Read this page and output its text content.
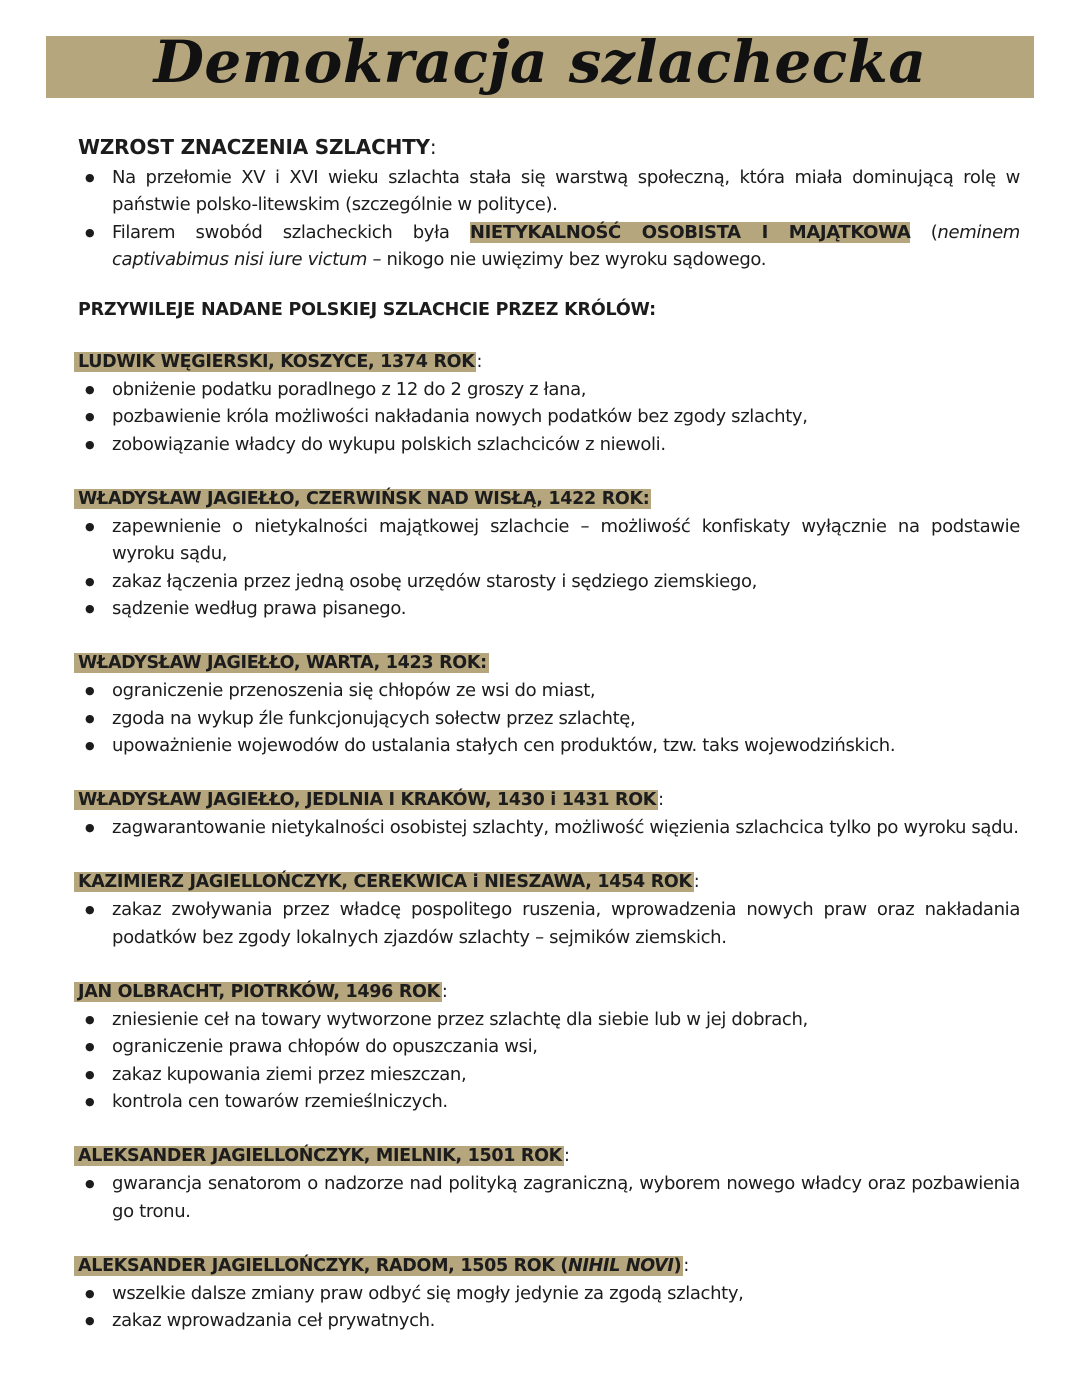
Demokracja szlachecka
WZROST ZNACZENIA SZLACHTY:
● Na przełomie XV i XVI wieku szlachta stała się warstwą społeczną, która miała dominującą rolę w państwie polsko-litewskim (szczególnie w polityce).
● Filarem swobód szlacheckich była NIETYKALNOŚĆ OSOBISTA I MAJĄTKOWA (neminem captivabimus nisi iure victum – nikogo nie uwięzimy bez wyroku sądowego.
PRZYWILEJE NADANE POLSKIEJ SZLACHCIE PRZEZ KRÓLÓW:
LUDWIK WĘGIERSKI, KOSZYCE, 1374 ROK :
● obniżenie podatku poradlnego z 12 do 2 groszy z łana,
● pozbawienie króla możliwości nakładania nowych podatków bez zgody szlachty,
● zobowiązanie władcy do wykupu polskich szlachciców z niewoli.
WŁADYSŁAW JAGIEŁŁO, CZERWIŃSK NAD WISŁĄ, 1422 ROK:
● zapewnienie o nietykalności majątkowej szlachcie – możliwość konfiskaty wyłącznie na podstawie wyroku sądu,
● zakaz łączenia przez jedną osobę urzędów starosty i sędziego ziemskiego,
● sądzenie według prawa pisanego.
WŁADYSŁAW JAGIEŁŁO, WARTA, 1423 ROK:
● ograniczenie przenoszenia się chłopów ze wsi do miast,
● zgoda na wykup źle funkcjonujących sołectw przez szlachtę,
● upoważnienie wojewodów do ustalania stałych cen produktów, tzw. taks wojewodzińskich.
WŁADYSŁAW JAGIEŁŁO, JEDLNIA I KRAKÓW, 1430 i 1431 ROK :
● zagwarantowanie nietykalności osobistej szlachty, możliwość więzienia szlachcica tylko po wyroku sądu.
KAZIMIERZ JAGIELLOŃCZYK, CEREKWICA i NIESZAWA, 1454 ROK :
● zakaz zwoływania przez władcę pospolitego ruszenia, wprowadzenia nowych praw oraz nakładania podatków bez zgody lokalnych zjazdów szlachty – sejmików ziemskich.
JAN OLBRACHT, PIOTRKÓW, 1496 ROK :
● zniesienie ceł na towary wytworzone przez szlachtę dla siebie lub w jej dobrach,
● ograniczenie prawa chłopów do opuszczania wsi,
● zakaz kupowania ziemi przez mieszczan,
● kontrola cen towarów rzemieślniczych.
ALEKSANDER JAGIELLOŃCZYK, MIELNIK, 1501 ROK :
● gwarancja senatorom o nadzorze nad polityką zagraniczną, wyborem nowego władcy oraz pozbawienia go tronu.
ALEKSANDER JAGIELLOŃCZYK, RADOM, 1505 ROK (NIHIL NOVI) :
● wszelkie dalsze zmiany praw odbyć się mogły jedynie za zgodą szlachty,
● zakaz wprowadzania ceł prywatnych.
